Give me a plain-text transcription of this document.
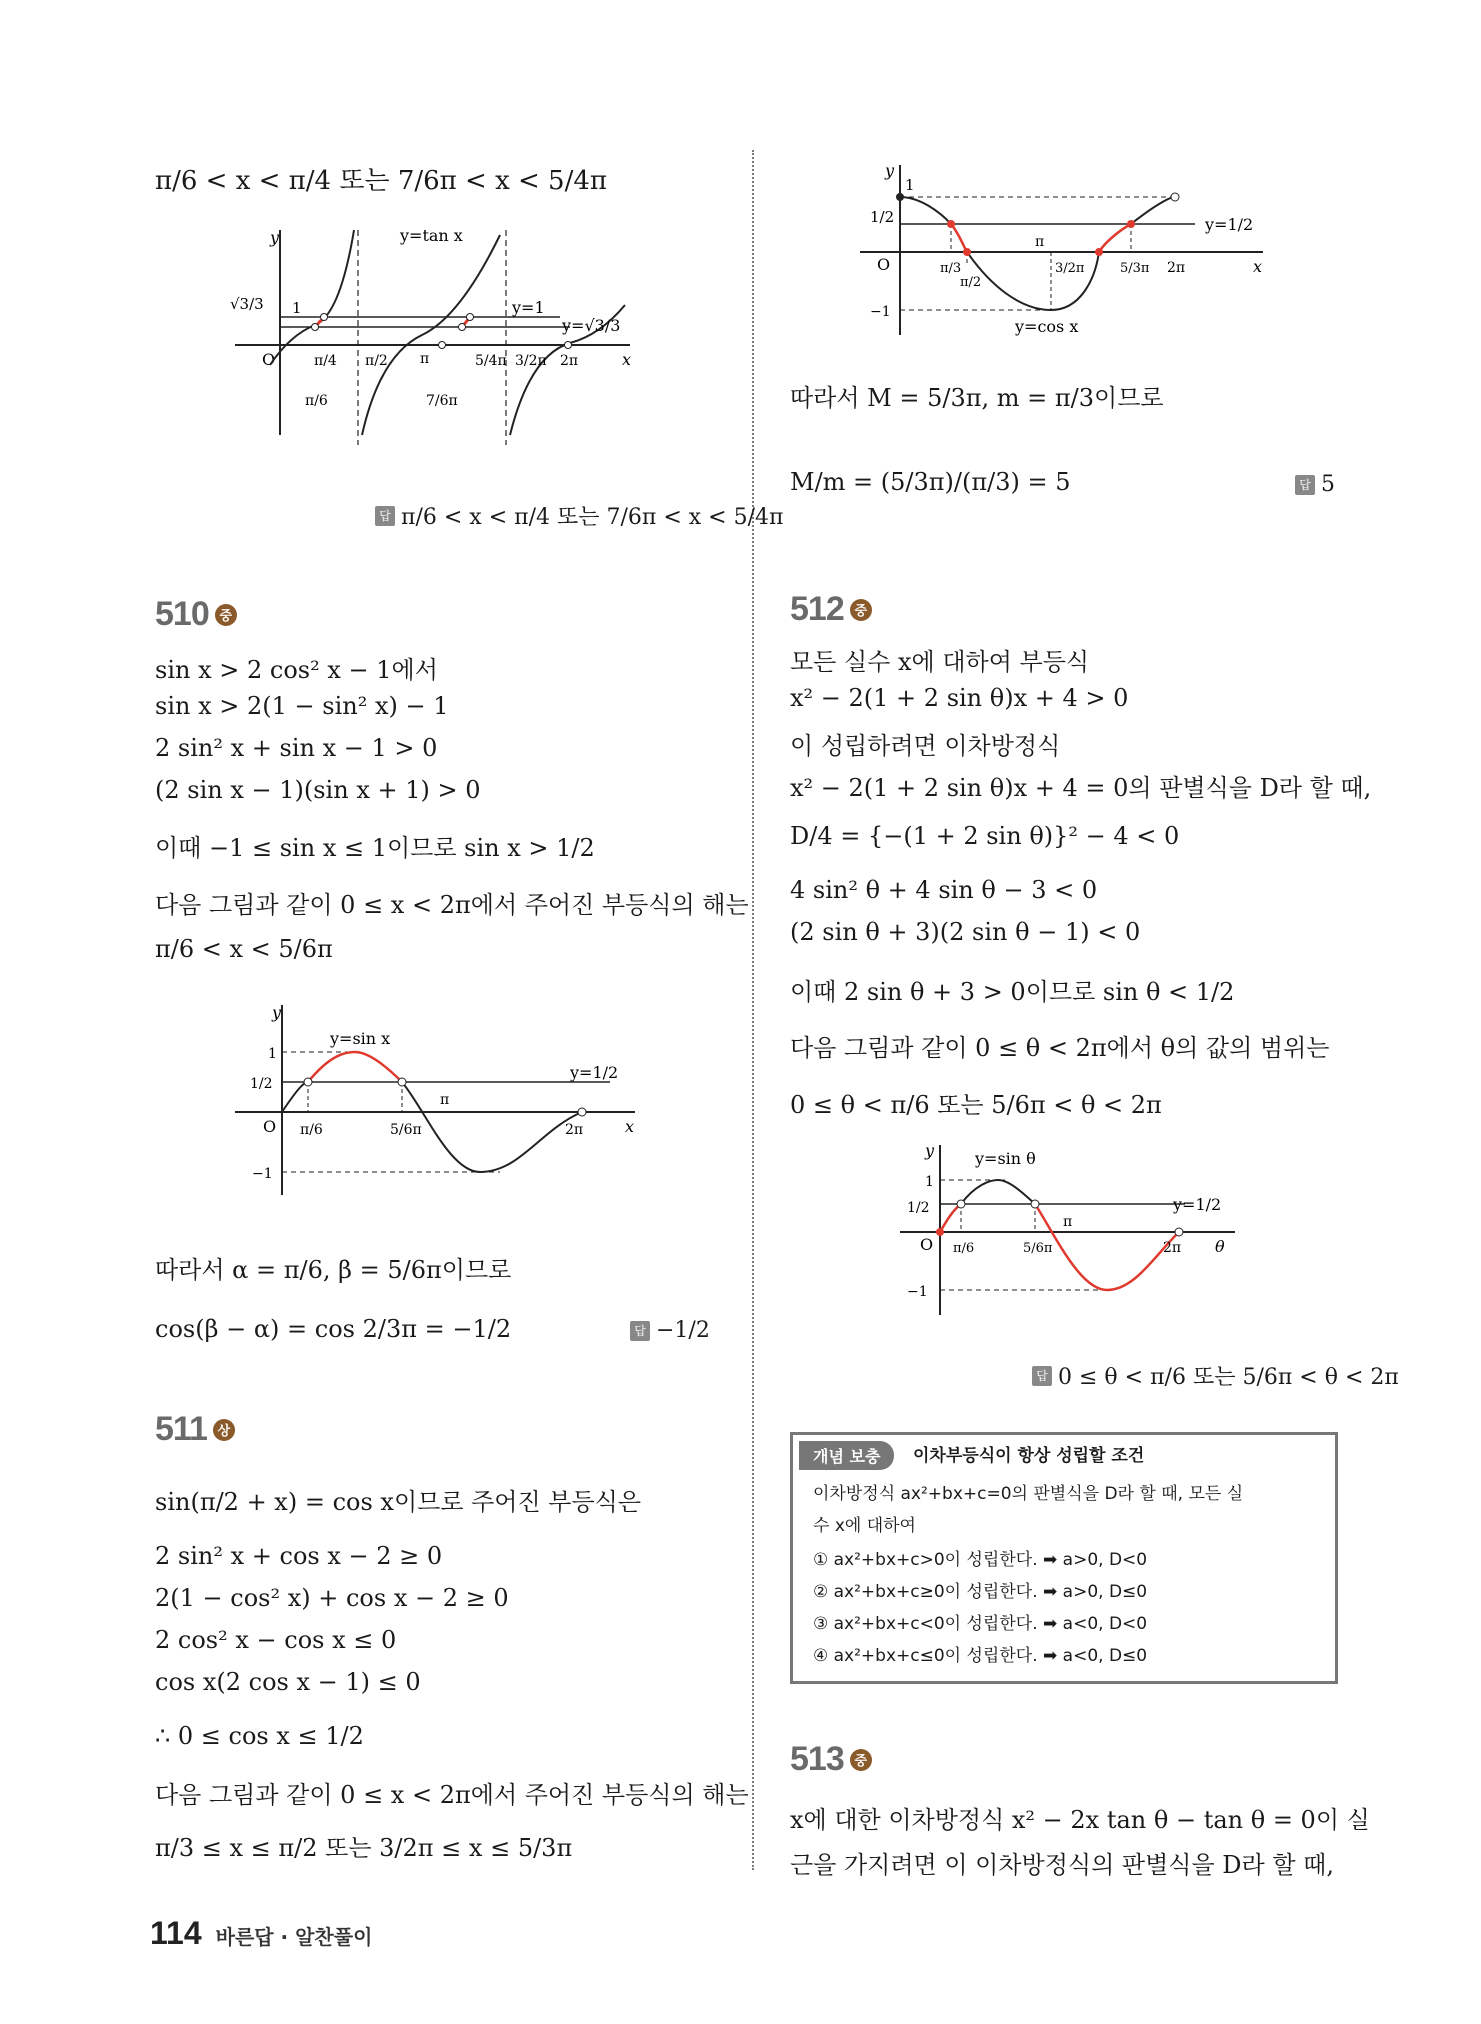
π/6 < x < π/4 또는 7/6π < x < 5/4π
y
x
O
y=tan x
y=1
y=√3/3
1
√3/3
π/4
π/6
π/2 π	5/4π
7/6π
3/2π 2π
답 π/6 < x < π/4 또는 7/6π < x < 5/4π
510 중
sin x > 2 cos² x − 1에서
sin x > 2(1 − sin² x) − 1
2 sin² x + sin x − 1 > 0
(2 sin x − 1)(sin x + 1) > 0
이때 −1 ≤ sin x ≤ 1이므로 sin x > 1/2
다음 그림과 같이 0 ≤ x < 2π에서 주어진 부등식의 해는
π/6 < x < 5/6π
y
x
O
y=sin x
1
1/2
y=1/2
π/6	5/6π
π
2π
−1
따라서 α = π/6, β = 5/6π이므로
cos(β − α) = cos 2/3π = −1/2	답 −1/2
511 상
sin(π/2 + x) = cos x이므로 주어진 부등식은
2 sin² x + cos x − 2 ≥ 0
2(1 − cos² x) + cos x − 2 ≥ 0
2 cos² x − cos x ≤ 0
cos x(2 cos x − 1) ≤ 0
∴ 0 ≤ cos x ≤ 1/2
다음 그림과 같이 0 ≤ x < 2π에서 주어진 부등식의 해는
π/3 ≤ x ≤ π/2 또는 3/2π ≤ x ≤ 5/3π
y
x
O
1
1/2	y=1/2
π/3
π/2
π
3/2π	5/3π 2π
−1
y=cos x
따라서 M = 5/3π, m = π/3이므로
M/m = (5/3π)/(π/3) = 5	답 5
512 중
모든 실수 x에 대하여 부등식
x² − 2(1 + 2 sin θ)x + 4 > 0
이 성립하려면 이차방정식
x² − 2(1 + 2 sin θ)x + 4 = 0의 판별식을 D라 할 때,
D/4 = {−(1 + 2 sin θ)}² − 4 < 0
4 sin² θ + 4 sin θ − 3 < 0
(2 sin θ + 3)(2 sin θ − 1) < 0
이때 2 sin θ + 3 > 0이므로 sin θ < 1/2
다음 그림과 같이 0 ≤ θ < 2π에서 θ의 값의 범위는
0 ≤ θ < π/6 또는 5/6π < θ < 2π
y
θ
O
y=sin θ
1
1/2	y=1/2
π/6	5/6π
π
2π
−1
답 0 ≤ θ < π/6 또는 5/6π < θ < 2π
개념 보충	이차부등식이 항상 성립할 조건
이차방정식 ax²+bx+c=0의 판별식을 D라 할 때, 모든 실
수 x에 대하여
① ax²+bx+c>0이 성립한다. ➡ a>0, D<0
② ax²+bx+c≥0이 성립한다. ➡ a>0, D≤0
③ ax²+bx+c<0이 성립한다. ➡ a<0, D<0
④ ax²+bx+c≤0이 성립한다. ➡ a<0, D≤0
513 중
x에 대한 이차방정식 x² − 2x tan θ − tan θ = 0이 실
근을 가지려면 이 이차방정식의 판별식을 D라 할 때,
114 바른답 · 알찬풀이
